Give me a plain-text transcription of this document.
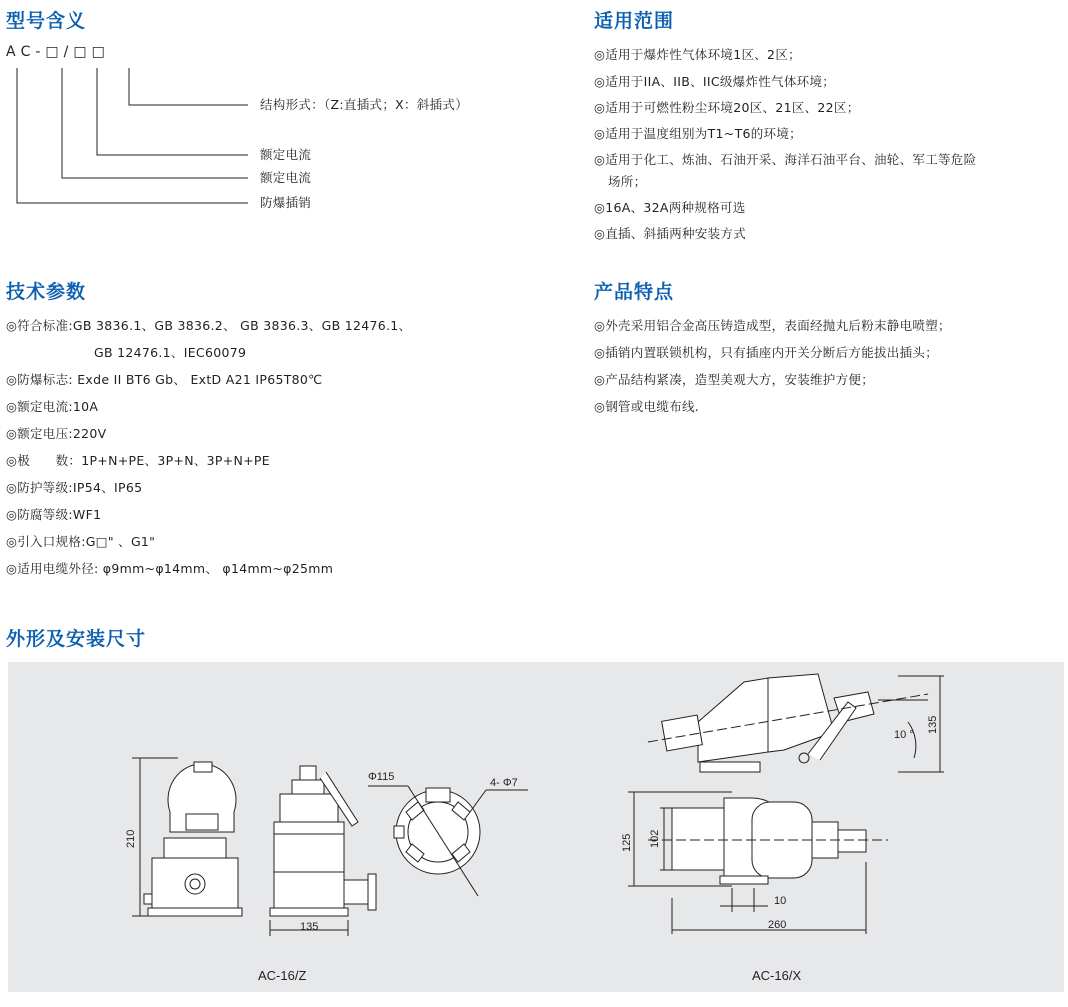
型号含义
A C - □ / □ □
结构形式：（Z:直插式；X：斜插式）
额定电流
额定电流
防爆插销
技术参数
◎符合标准:GB 3836.1、GB 3836.2、 GB 3836.3、GB 12476.1、
GB 12476.1、IEC60079
◎防爆标志: Exde II BT6 Gb、 ExtD A21 IP65T80℃
◎额定电流:10A
◎额定电压:220V
◎极　　数：1P+N+PE、3P+N、3P+N+PE
◎防护等级:IP54、IP65
◎防腐等级:WF1
◎引入口规格:G□" 、G1"
◎适用电缆外径: φ9mm~φ14mm、 φ14mm~φ25mm
适用范围
◎适用于爆炸性气体环境1区、2区；
◎适用于IIA、IIB、IIC级爆炸性气体环境；
◎适用于可燃性粉尘环境20区、21区、22区；
◎适用于温度组别为T1~T6的环境；
◎适用于化工、炼油、石油开采、海洋石油平台、油轮、军工等危险
场所；
◎16A、32A两种规格可选
◎直插、斜插两种安装方式
产品特点
◎外壳采用铝合金高压铸造成型，表面经抛丸后粉末静电喷塑；
◎插销内置联锁机构，只有插座内开关分断后方能拔出插头；
◎产品结构紧凑，造型美观大方，安装维护方便；
◎钢管或电缆布线.
外形及安装尺寸
210
135
Φ115	4- Φ7
10 °
135
125 102
10
260
AC-16/Z	AC-16/X
